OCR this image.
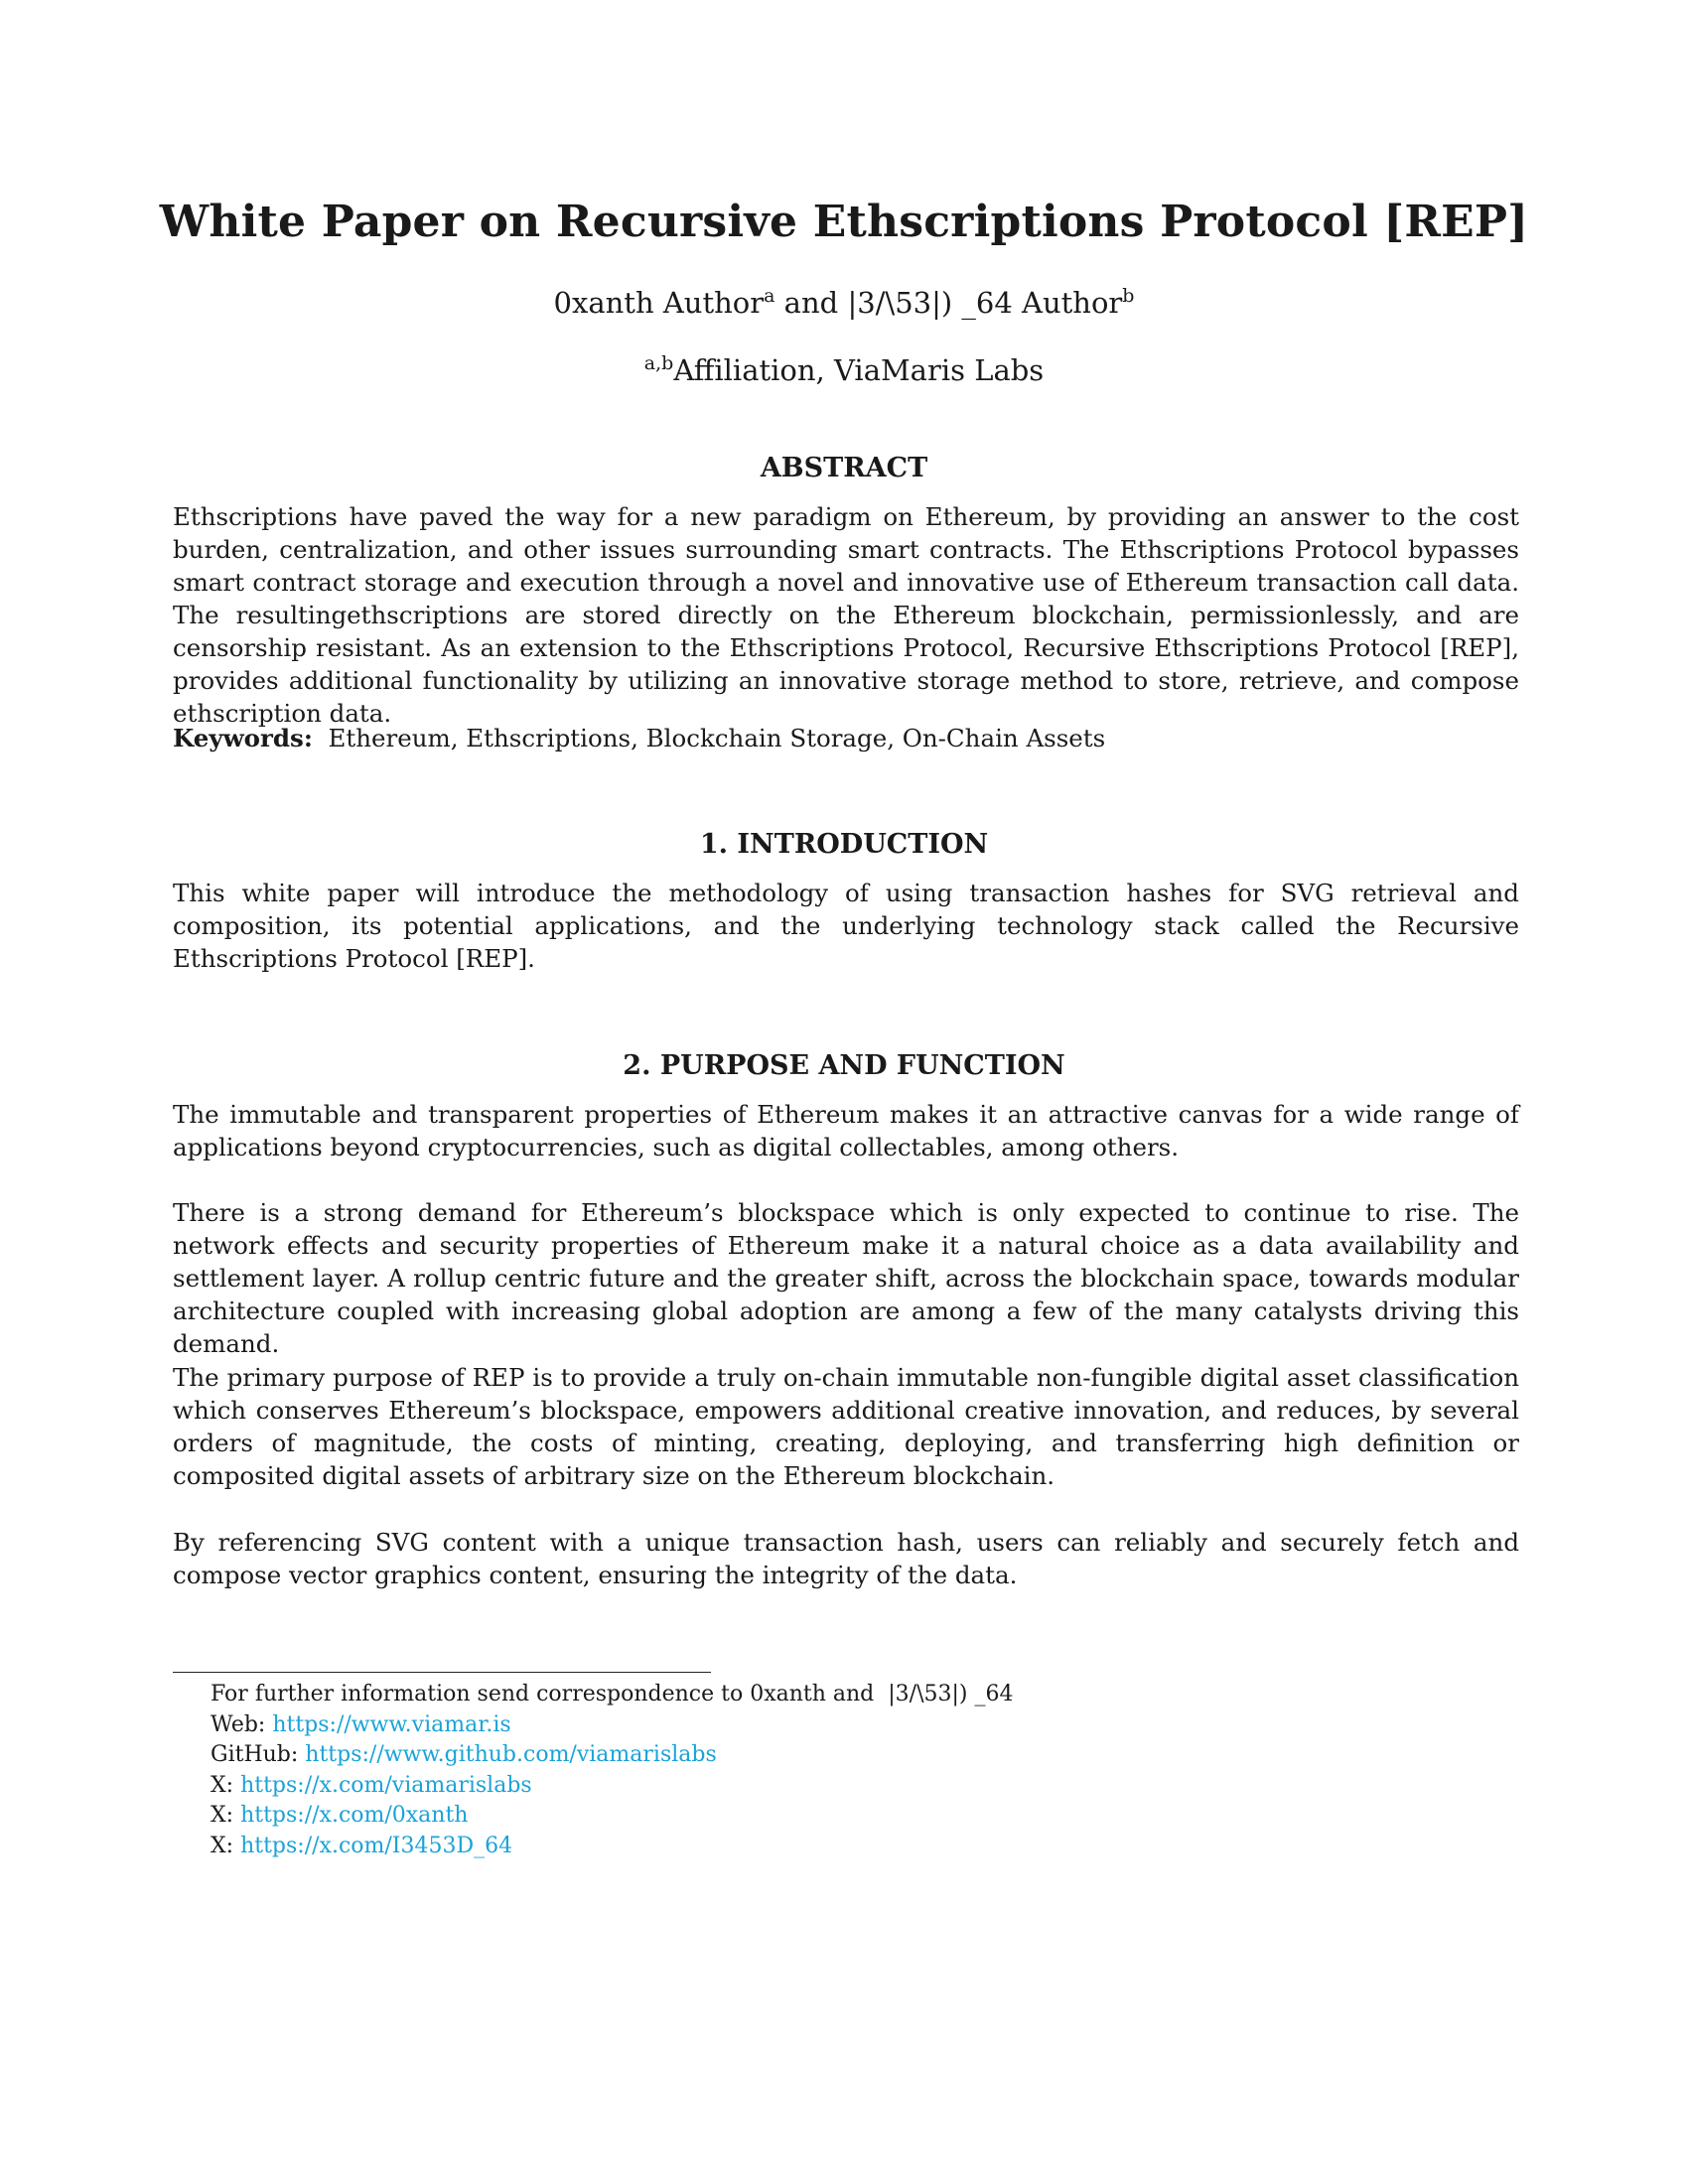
White Paper on Recursive Ethscriptions Protocol [REP]
0xanth Author$^a$ and |3/\53|) _64 Author$^b$
$^{a,b}$Affiliation, ViaMaris Labs
ABSTRACT

Ethscriptions have paved the way for a new paradigm on Ethereum, by providing an answer to the cost burden, centralization, and other issues surrounding smart contracts. The Ethscriptions Protocol bypasses smart contract storage and execution through a novel and innovative use of Ethereum transaction call data. The resultingethscriptions are stored directly on the Ethereum blockchain, permissionlessly, and are censorship resistant. As an extension to the Ethscriptions Protocol, Recursive Ethscriptions Protocol [REP], provides additional functionality by utilizing an innovative storage method to store, retrieve, and compose ethscription data.

Keywords: Ethereum, Ethscriptions, Blockchain Storage, On-Chain Assets
1. INTRODUCTION

This white paper will introduce the methodology of using transaction hashes for SVG retrieval and composition, its potential applications, and the underlying technology stack called the Recursive Ethscriptions Protocol [REP].

2. PURPOSE AND FUNCTION

The immutable and transparent properties of Ethereum makes it an attractive canvas for a wide range of applications beyond cryptocurrencies, such as digital collectables, among others.

There is a strong demand for Ethereum’s blockspace which is only expected to continue to rise. The network effects and security properties of Ethereum make it a natural choice as a data availability and settlement layer. A rollup centric future and the greater shift, across the blockchain space, towards modular architecture coupled with increasing global adoption are among a few of the many catalysts driving this demand.

The primary purpose of REP is to provide a truly on-chain immutable non-fungible digital asset classification which conserves Ethereum’s blockspace, empowers additional creative innovation, and reduces, by several orders of magnitude, the costs of minting, creating, deploying, and transferring high definition or composited digital assets of arbitrary size on the Ethereum blockchain.

By referencing SVG content with a unique transaction hash, users can reliably and securely fetch and compose vector graphics content, ensuring the integrity of the data.

For further information send correspondence to 0xanth and  |3/\53|) _64
Web: https://www.viamar.is
GitHub: https://www.github.com/viamarislabs
X: https://x.com/viamarislabs
X: https://x.com/0xanth
X: https://x.com/I3453D_64
